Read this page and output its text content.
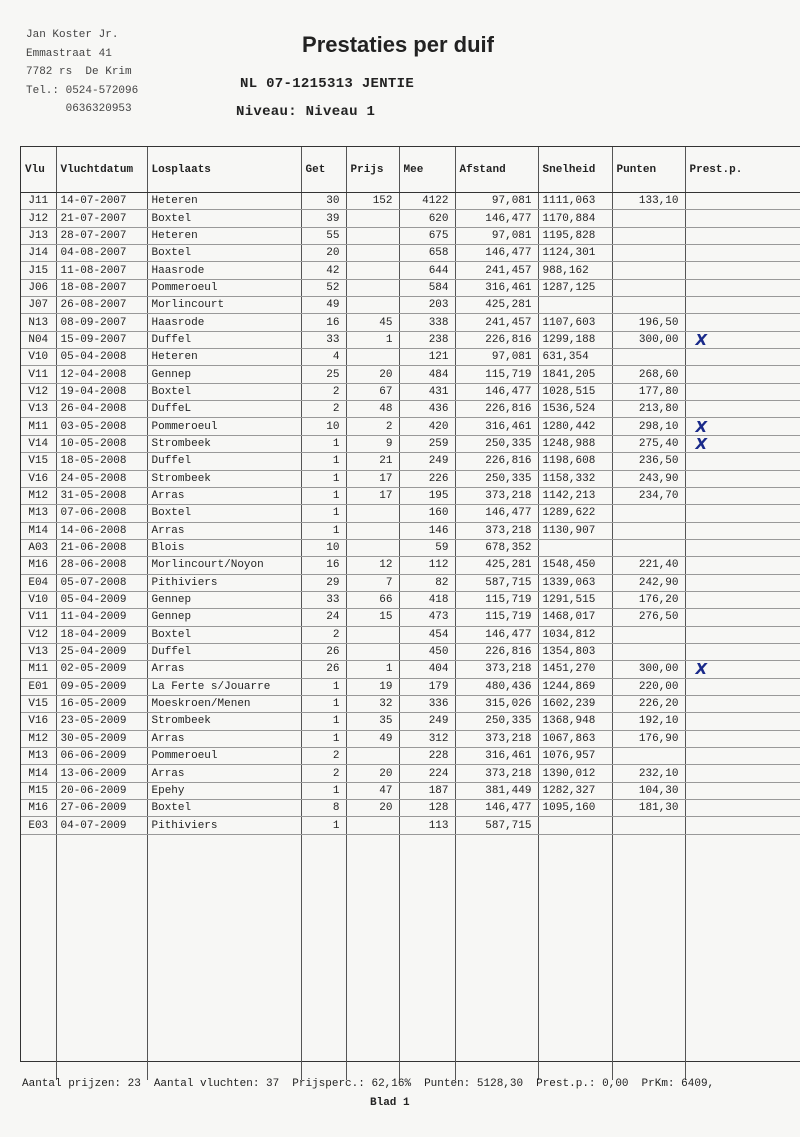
Jan Koster Jr.
Emmastraat 41
7782 rs  De Krim
Tel.: 0524-572096
0636320953
Prestaties per duif
NL 07-1215313 JENTIE
Niveau: Niveau 1
Vlu	Vluchtdatum	Losplaats	Get	Prijs	Mee	Afstand	Snelheid	Punten	Prest.p.
J11	14-07-2007	Heteren	30	152	4122	97,081	1111,063	133,10	
J12	21-07-2007	Boxtel	39		620	146,477	1170,884		
J13	28-07-2007	Heteren	55		675	97,081	1195,828		
J14	04-08-2007	Boxtel	20		658	146,477	1124,301		
J15	11-08-2007	Haasrode	42		644	241,457	988,162		
J06	18-08-2007	Pommeroeul	52		584	316,461	1287,125		
J07	26-08-2007	Morlincourt	49		203	425,281			
N13	08-09-2007	Haasrode	16	45	338	241,457	1107,603	196,50	
N04	15-09-2007	Duffel	33	1	238	226,816	1299,188	300,00	X
V10	05-04-2008	Heteren	4		121	97,081	631,354		
V11	12-04-2008	Gennep	25	20	484	115,719	1841,205	268,60	
V12	19-04-2008	Boxtel	2	67	431	146,477	1028,515	177,80	
V13	26-04-2008	DuffeL	2	48	436	226,816	1536,524	213,80	
M11	03-05-2008	Pommeroeul	10	2	420	316,461	1280,442	298,10	X
V14	10-05-2008	Strombeek	1	9	259	250,335	1248,988	275,40	X
V15	18-05-2008	Duffel	1	21	249	226,816	1198,608	236,50	
V16	24-05-2008	Strombeek	1	17	226	250,335	1158,332	243,90	
M12	31-05-2008	Arras	1	17	195	373,218	1142,213	234,70	
M13	07-06-2008	Boxtel	1		160	146,477	1289,622		
M14	14-06-2008	Arras	1		146	373,218	1130,907		
A03	21-06-2008	Blois	10		59	678,352			
M16	28-06-2008	Morlincourt/Noyon	16	12	112	425,281	1548,450	221,40	
E04	05-07-2008	Pithiviers	29	7	82	587,715	1339,063	242,90	
V10	05-04-2009	Gennep	33	66	418	115,719	1291,515	176,20	
V11	11-04-2009	Gennep	24	15	473	115,719	1468,017	276,50	
V12	18-04-2009	Boxtel	2		454	146,477	1034,812		
V13	25-04-2009	Duffel	26		450	226,816	1354,803		
M11	02-05-2009	Arras	26	1	404	373,218	1451,270	300,00	X
E01	09-05-2009	La Ferte s/Jouarre	1	19	179	480,436	1244,869	220,00	
V15	16-05-2009	Moeskroen/Menen	1	32	336	315,026	1602,239	226,20	
V16	23-05-2009	Strombeek	1	35	249	250,335	1368,948	192,10	
M12	30-05-2009	Arras	1	49	312	373,218	1067,863	176,90	
M13	06-06-2009	Pommeroeul	2		228	316,461	1076,957		
M14	13-06-2009	Arras	2	20	224	373,218	1390,012	232,10	
M15	20-06-2009	Epehy	1	47	187	381,449	1282,327	104,30	
M16	27-06-2009	Boxtel	8	20	128	146,477	1095,160	181,30	
E03	04-07-2009	Pithiviers	1		113	587,715			

Aantal prijzen: 23 Aantal vluchten: 37 Prijsperc.: 62,16% Punten: 5128,30 Prest.p.: 0,00 PrKm: 6409,
Blad 1
